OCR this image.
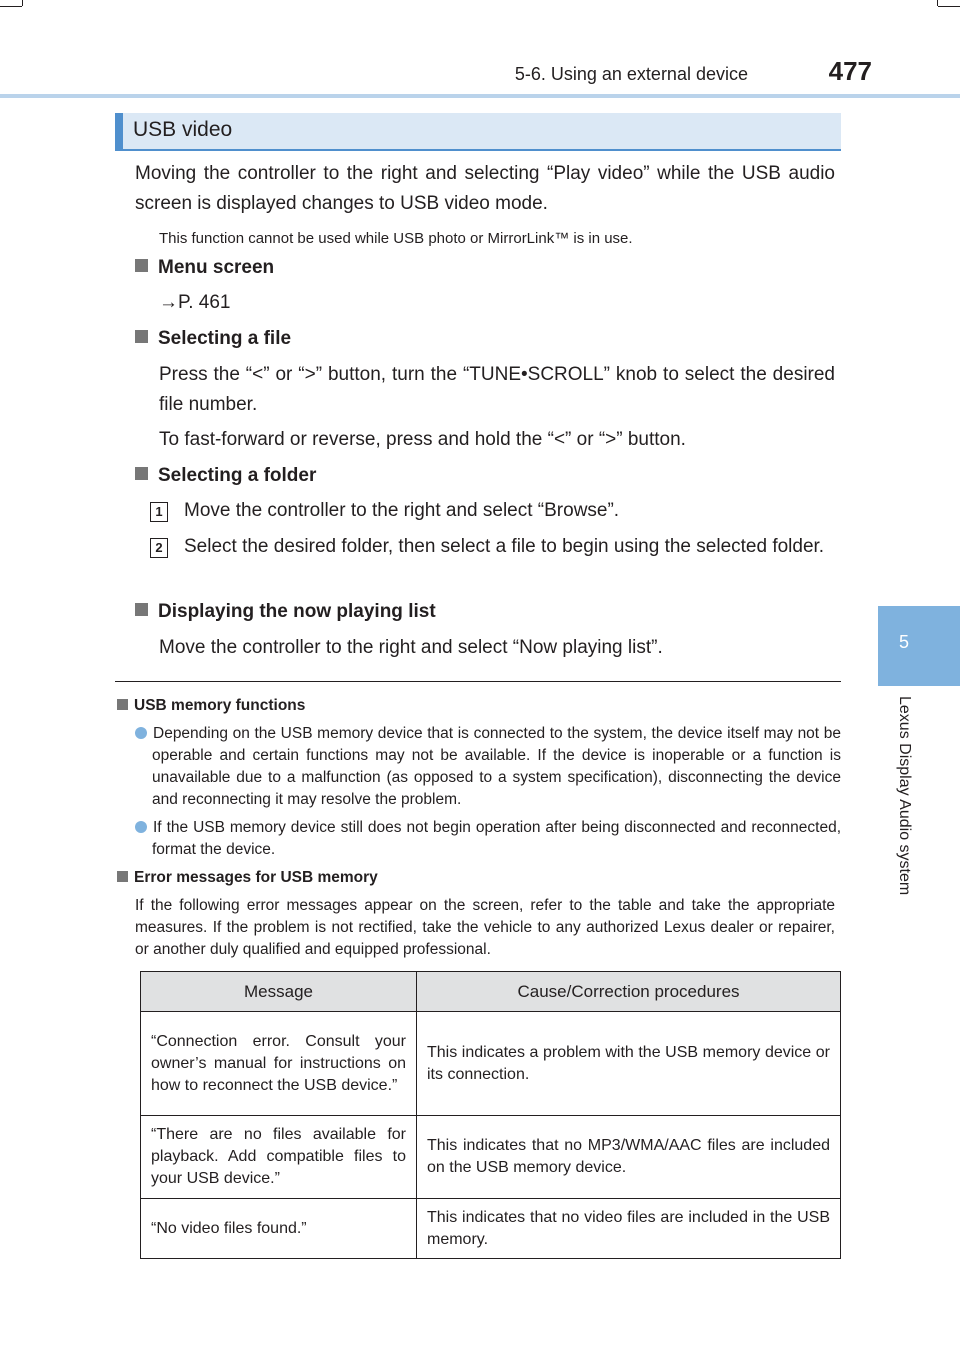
5-6. Using an external device	477
5
Lexus Display Audio system
USB video
Moving the controller to the right and selecting “Play video” while the USB audio screen is displayed changes to USB video mode.
This function cannot be used while USB photo or MirrorLink™ is in use.
Menu screen
→P. 461
Selecting a file
Press the “<” or “>” button, turn the “TUNE•SCROLL” knob to select the desired file number.
To fast-forward or reverse, press and hold the “<” or “>” button.
Selecting a folder
1 Move the controller to the right and select “Browse”.
2 Select the desired folder, then select a file to begin using the selected folder.
Displaying the now playing list
Move the controller to the right and select “Now playing list”.
USB memory functions
Depending on the USB memory device that is connected to the system, the device itself may not be operable and certain functions may not be available. If the device is inoperable or a function is unavailable due to a malfunction (as opposed to a system specification), disconnecting the device and reconnecting it may resolve the problem.
If the USB memory device still does not begin operation after being disconnected and reconnected, format the device.
Error messages for USB memory
If the following error messages appear on the screen, refer to the table and take the appropriate measures. If the problem is not rectified, take the vehicle to any authorized Lexus dealer or repairer, or another duly qualified and equipped professional.
Message	Cause/Correction procedures
“Connection error. Consult your owner’s manual for instructions on how to reconnect the USB device.”	This indicates a problem with the USB memory device or its connection.
“There are no files available for playback. Add compatible files to your USB device.”	This indicates that no MP3/WMA/AAC files are included on the USB memory device.
“No video files found.”	This indicates that no video files are included in the USB memory.
